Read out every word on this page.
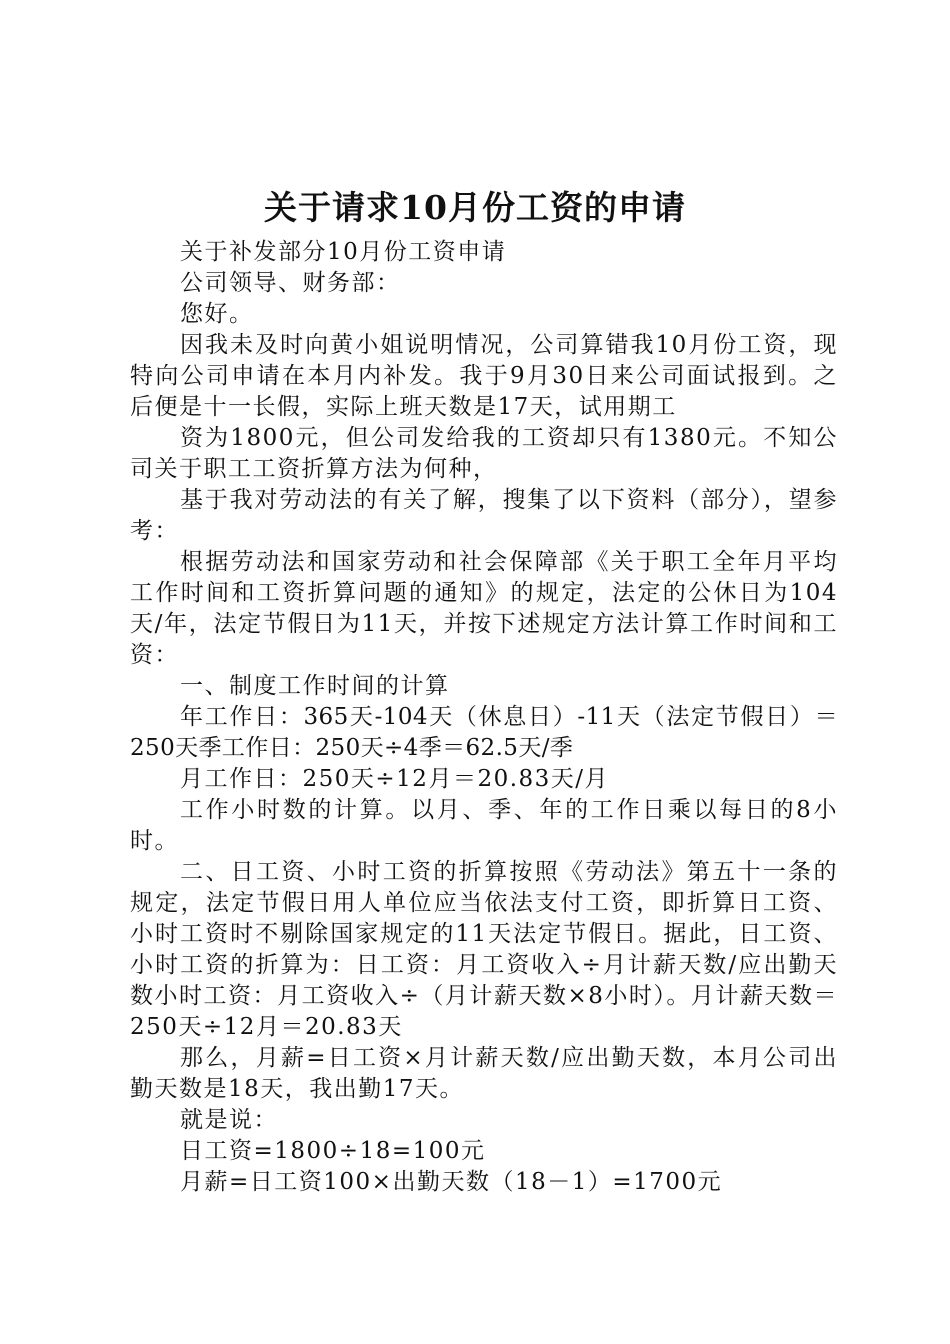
关于请求10月份工资的申请

关于补发部分10月份工资申请

公司领导、财务部：

您好。

因我未及时向黄小姐说明情况，公司算错我10月份工资，现特向公司申请在本月内补发。我于9月30日来公司面试报到。之后便是十一长假，实际上班天数是17天，试用期工

资为1800元，但公司发给我的工资却只有1380元。不知公司关于职工工资折算方法为何种，

基于我对劳动法的有关了解，搜集了以下资料（部分），望参考：

根据劳动法和国家劳动和社会保障部《关于职工全年月平均工作时间和工资折算问题的通知》的规定，法定的公休日为104天/年，法定节假日为11天，并按下述规定方法计算工作时间和工资：

一、制度工作时间的计算

年工作日：365天-104天（休息日）-11天（法定节假日）＝250天季工作日：250天÷4季＝62.5天/季

月工作日：250天÷12月＝20.83天/月

工作小时数的计算。以月、季、年的工作日乘以每日的8小时。

二、日工资、小时工资的折算按照《劳动法》第五十一条的规定，法定节假日用人单位应当依法支付工资，即折算日工资、小时工资时不剔除国家规定的11天法定节假日。据此，日工资、小时工资的折算为：日工资：月工资收入÷月计薪天数/应出勤天数小时工资：月工资收入÷（月计薪天数×8小时）。月计薪天数＝250天÷12月＝20.83天

那么，月薪=日工资×月计薪天数/应出勤天数，本月公司出勤天数是18天，我出勤17天。

就是说：

日工资=1800÷18=100元

月薪=日工资100×出勤天数（18－1）=1700元
